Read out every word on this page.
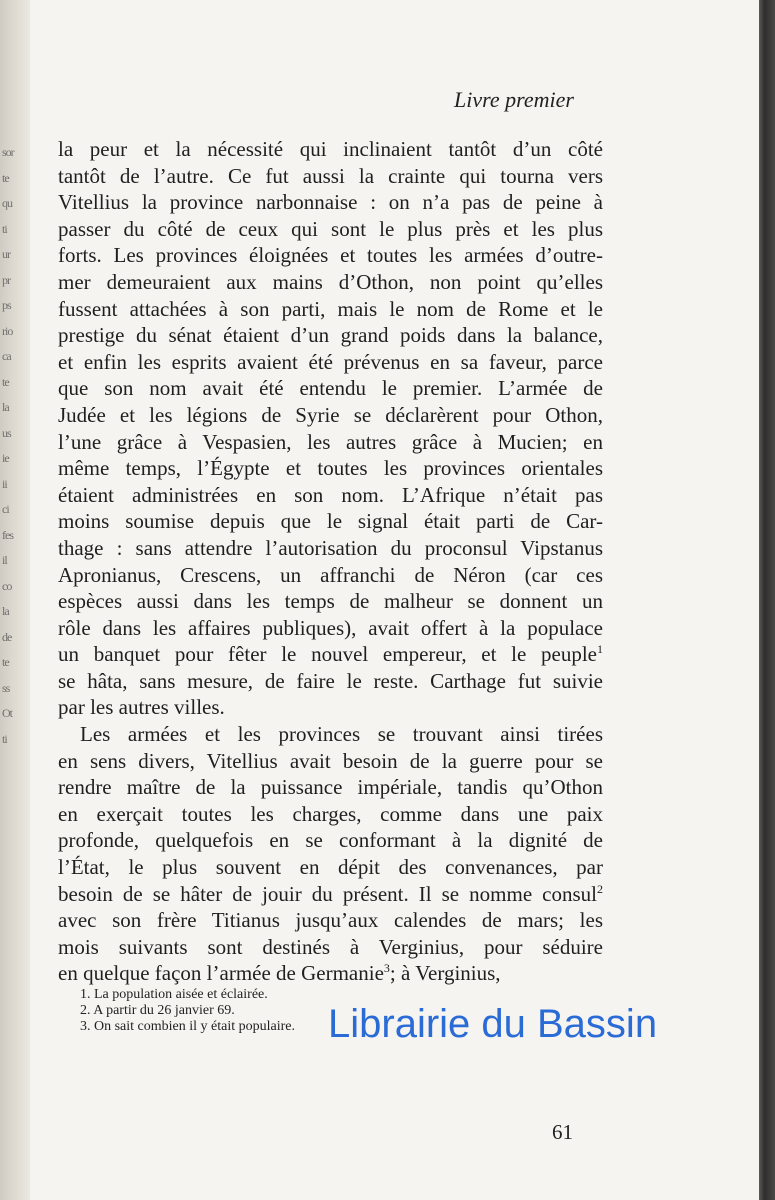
sor
te
qu
ti
ur
pr
ps
rio
ca
te
la
us
ie
ii
ci
fes
il
co
la
de
te
ss
Ot
ti
Livre premier
la peur et la nécessité qui inclinaient tantôt d’un côté
tantôt de l’autre. Ce fut aussi la crainte qui tourna vers
Vitellius la province narbonnaise : on n’a pas de peine à
passer du côté de ceux qui sont le plus près et les plus
forts. Les provinces éloignées et toutes les armées d’outre-
mer demeuraient aux mains d’Othon, non point qu’elles
fussent attachées à son parti, mais le nom de Rome et le
prestige du sénat étaient d’un grand poids dans la balance,
et enfin les esprits avaient été prévenus en sa faveur, parce
que son nom avait été entendu le premier. L’armée de
Judée et les légions de Syrie se déclarèrent pour Othon,
l’une grâce à Vespasien, les autres grâce à Mucien; en
même temps, l’Égypte et toutes les provinces orientales
étaient administrées en son nom. L’Afrique n’était pas
moins soumise depuis que le signal était parti de Car-
thage : sans attendre l’autorisation du proconsul Vipstanus
Apronianus, Crescens, un affranchi de Néron (car ces
espèces aussi dans les temps de malheur se donnent un
rôle dans les affaires publiques), avait offert à la populace
un banquet pour fêter le nouvel empereur, et le peuple$^1$
se hâta, sans mesure, de faire le reste. Carthage fut suivie
par les autres villes.
Les armées et les provinces se trouvant ainsi tirées
en sens divers, Vitellius avait besoin de la guerre pour se
rendre maître de la puissance impériale, tandis qu’Othon
en exerçait toutes les charges, comme dans une paix
profonde, quelquefois en se conformant à la dignité de
l’État, le plus souvent en dépit des convenances, par
besoin de se hâter de jouir du présent. Il se nomme consul$^2$
avec son frère Titianus jusqu’aux calendes de mars; les
mois suivants sont destinés à Verginius, pour séduire
en quelque façon l’armée de Germanie$^3$; à Verginius,
1. La population aisée et éclairée.
2. A partir du 26 janvier 69.
3. On sait combien il y était populaire.
61
Librairie du Bassin
